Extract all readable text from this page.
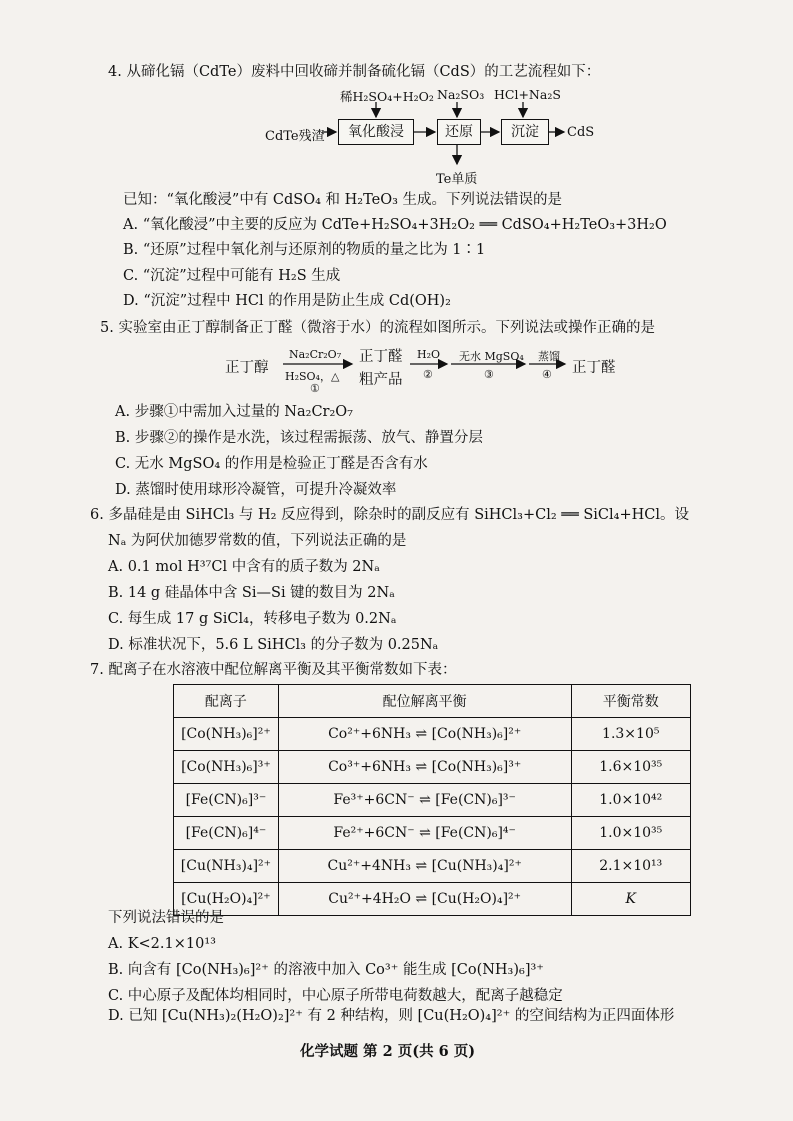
4. 从碲化镉（CdTe）废料中回收碲并制备硫化镉（CdS）的工艺流程如下：
稀H₂SO₄+H₂O₂ Na₂SO₃ HCl+Na₂S
CdTe残渣	氧化酸浸	还原	沉淀	CdS
Te单质
已知：“氧化酸浸”中有 CdSO₄ 和 H₂TeO₃ 生成。下列说法错误的是
A. “氧化酸浸”中主要的反应为 CdTe+H₂SO₄+3H₂O₂ ══ CdSO₄+H₂TeO₃+3H₂O
B. “还原”过程中氧化剂与还原剂的物质的量之比为 1∶1
C. “沉淀”过程中可能有 H₂S 生成
D. “沉淀”过程中 HCl 的作用是防止生成 Cd(OH)₂
5. 实验室由正丁醇制备正丁醛（微溶于水）的流程如图所示。下列说法或操作正确的是
正丁醇
Na₂Cr₂O₇
H₂SO₄，△
①
正丁醛
粗产品
H₂O
②
无水 MgSO₄
③
蒸馏
④ 正丁醛
A. 步骤①中需加入过量的 Na₂Cr₂O₇
B. 步骤②的操作是水洗，该过程需振荡、放气、静置分层
C. 无水 MgSO₄ 的作用是检验正丁醛是否含有水
D. 蒸馏时使用球形冷凝管，可提升冷凝效率
6. 多晶硅是由 SiHCl₃ 与 H₂ 反应得到，除杂时的副反应有 SiHCl₃+Cl₂ ══ SiCl₄+HCl。设
Nₐ 为阿伏加德罗常数的值，下列说法正确的是
A. 0.1 mol H³⁷Cl 中含有的质子数为 2Nₐ
B. 14 g 硅晶体中含 Si—Si 键的数目为 2Nₐ
C. 每生成 17 g SiCl₄，转移电子数为 0.2Nₐ
D. 标准状况下，5.6 L SiHCl₃ 的分子数为 0.25Nₐ
7. 配离子在水溶液中配位解离平衡及其平衡常数如下表：
配离子	配位解离平衡	平衡常数
[Co(NH₃)₆]²⁺	Co²⁺+6NH₃ ⇌ [Co(NH₃)₆]²⁺	1.3×10⁵
[Co(NH₃)₆]³⁺	Co³⁺+6NH₃ ⇌ [Co(NH₃)₆]³⁺	1.6×10³⁵
[Fe(CN)₆]³⁻	Fe³⁺+6CN⁻ ⇌ [Fe(CN)₆]³⁻	1.0×10⁴²
[Fe(CN)₆]⁴⁻	Fe²⁺+6CN⁻ ⇌ [Fe(CN)₆]⁴⁻	1.0×10³⁵
[Cu(NH₃)₄]²⁺	Cu²⁺+4NH₃ ⇌ [Cu(NH₃)₄]²⁺	2.1×10¹³
[Cu(H₂O)₄]²⁺	Cu²⁺+4H₂O ⇌ [Cu(H₂O)₄]²⁺	K
下列说法错误的是
A. K<2.1×10¹³
B. 向含有 [Co(NH₃)₆]²⁺ 的溶液中加入 Co³⁺ 能生成 [Co(NH₃)₆]³⁺
C. 中心原子及配体均相同时，中心原子所带电荷数越大，配离子越稳定
D. 已知 [Cu(NH₃)₂(H₂O)₂]²⁺ 有 2 种结构，则 [Cu(H₂O)₄]²⁺ 的空间结构为正四面体形
化学试题 第 2 页(共 6 页)
